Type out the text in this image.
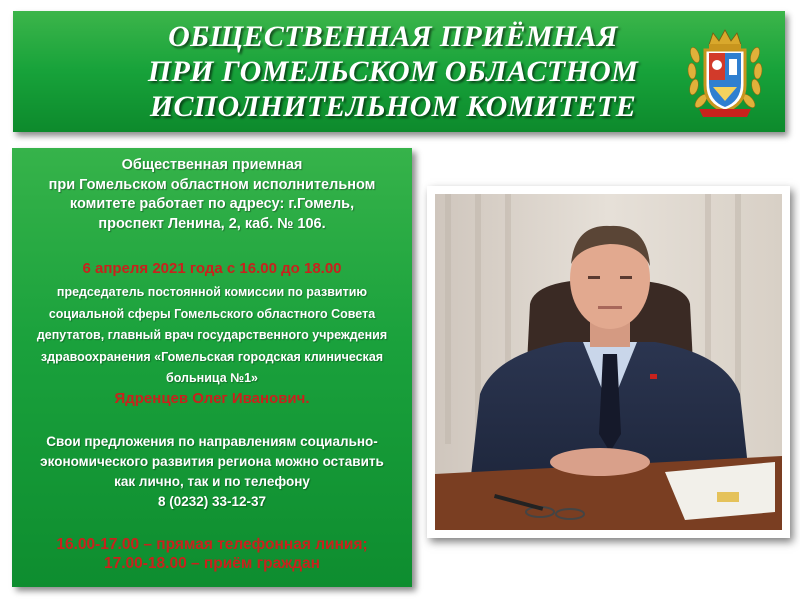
ОБЩЕСТВЕННАЯ ПРИЁМНАЯ
ПРИ ГОМЕЛЬСКОМ ОБЛАСТНОМ
ИСПОЛНИТЕЛЬНОМ КОМИТЕТЕ

Общественная приемная

при Гомельском областном исполнительном

комитете работает по адресу: г.Гомель,

проспект Ленина, 2, каб. № 106.

6 апреля 2021 года с 16.00 до 18.00

председатель постоянной комиссии по развитию

социальной сферы Гомельского областного Совета

депутатов, главный врач государственного учреждения

здравоохранения «Гомельская городская клиническая

больница №1»

Ядренцев Олег Иванович.

Свои предложения по направлениям социально-

экономического развития региона можно оставить

как лично, так и по телефону

8 (0232) 33-12-37

16.00-17.00 – прямая телефонная линия;

17.00-18.00 – приём граждан
